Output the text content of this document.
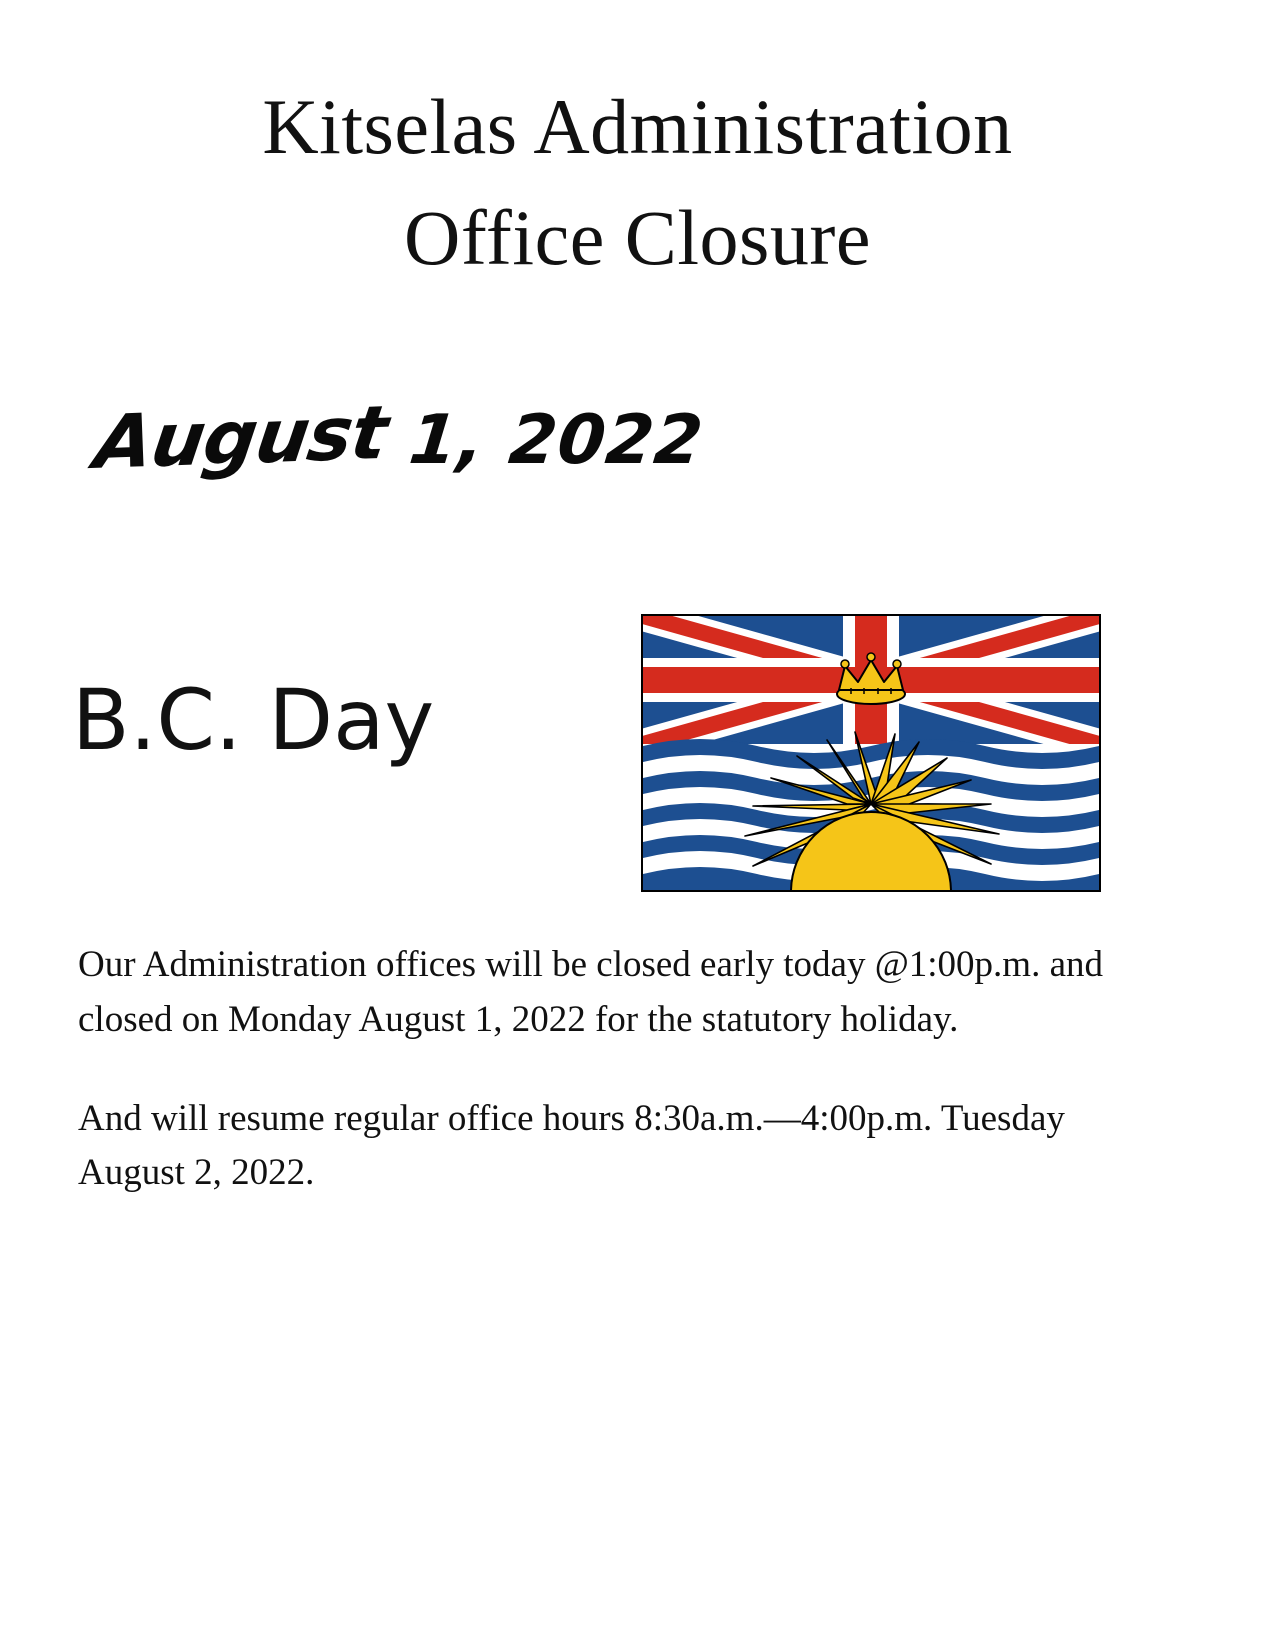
Kitselas Administration
Office Closure
August 1, 2022
B.C. Day

Our Administration offices will be closed early today @1:00p.m. and closed on Monday August 1, 2022 for the statutory holiday.

And will resume regular office hours 8:30a.m.—4:00p.m. Tuesday August 2, 2022.
